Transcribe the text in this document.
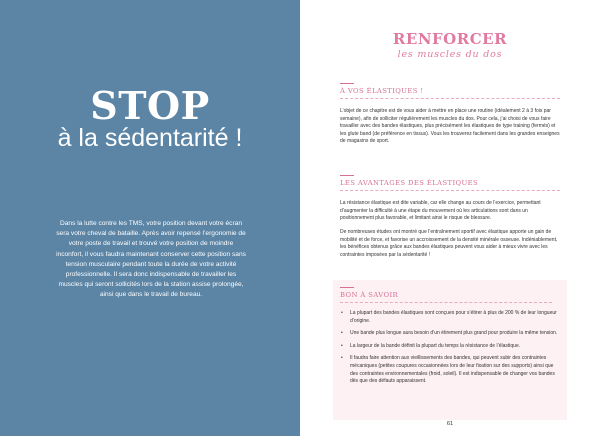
STOP
à la sédentarité !
Dans la lutte contre les TMS, votre position devant votre écran sera votre cheval de bataille. Après avoir repensé l’ergonomie de votre poste de travail et trouvé votre position de moindre inconfort, il vous faudra maintenant conserver cette position sans tension musculaire pendant toute la durée de votre activité professionnelle. Il sera donc indispensable de travailler les muscles qui seront sollicités lors de la station assise prolongée, ainsi que dans le travail de bureau.
RENFORCER
les muscles du dos
À VOS ÉLASTIQUES !
L’objet de ce chapitre est de vous aider à mettre en place une routine (idéalement 2 à 3 fois par semaine), afin de solliciter régulièrement les muscles du dos. Pour cela, j’ai choisi de vous faire travailler avec des bandes élastiques, plus précisément les élastiques de type training (fermés) et les glute band (de préférence en tissus). Vous les trouverez facilement dans les grandes enseignes de magasins de sport.
LES AVANTAGES DES ÉLASTIQUES
La résistance élastique est dite variable, car elle change au cours de l’exercice, permettant d’augmenter la difficulté à une étape du mouvement où les articulations sont dans un positionnement plus favorable, et limitant ainsi le risque de blessure.
De nombreuses études ont montré que l’entraînement sportif avec élastique apporte un gain de mobilité et de force, et favorise un accroissement de la densité minérale osseuse. Indéniablement, les bénéfices obtenus grâce aux bandes élastiques peuvent vous aider à mieux vivre avec les contraintes imposées par la sédentarité !
BON À SAVOIR
• La plupart des bandes élastiques sont conçues pour s’étirer à plus de 200 % de leur longueur d’origine.
• Une bande plus longue aura besoin d’un étirement plus grand pour produire la même tension.
• La largeur de la bande définit la plupart du temps la résistance de l’élastique.
• Il faudra faire attention aux vieillissements des bandes, qui peuvent subir des contraintes mécaniques (petites coupures occasionnées lors de leur fixation sur des supports) ainsi que des contraintes environnementales (froid, soleil). Il est indispensable de changer vos bandes dès que des défauts apparaissent.
61
